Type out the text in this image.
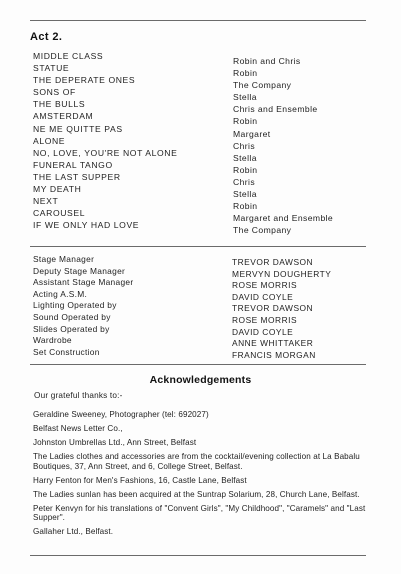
Act 2.
MIDDLE CLASS
STATUE
THE DEPERATE ONES
SONS OF
THE BULLS
AMSTERDAM
NE ME QUITTE PAS
ALONE
NO, LOVE, YOU'RE NOT ALONE
FUNERAL TANGO
THE LAST SUPPER
MY DEATH
NEXT
CAROUSEL
IF WE ONLY HAD LOVE
Robin and Chris
Robin
The Company
Stella
Chris and Ensemble
Robin
Margaret
Chris
Stella
Robin
Chris
Stella
Robin
Margaret and Ensemble
The Company
Stage Manager
Deputy Stage Manager
Assistant Stage Manager
Acting A.S.M.
Lighting Operated by
Sound Operated by
Slides Operated by
Wardrobe
Set Construction
TREVOR DAWSON
MERVYN DOUGHERTY
ROSE MORRIS
DAVID COYLE
TREVOR DAWSON
ROSE MORRIS
DAVID COYLE
ANNE WHITTAKER
FRANCIS MORGAN
Acknowledgements
Our grateful thanks to:-
Geraldine Sweeney, Photographer (tel: 692027)
Belfast News Letter Co.,
Johnston Umbrellas Ltd., Ann Street, Belfast
The Ladies clothes and accessories are from the cocktail/evening collection at La Babalu Boutiques, 37, Ann Street, and 6, College Street, Belfast.
Harry Fenton for Men's Fashions, 16, Castle Lane, Belfast
The Ladies sunlan has been acquired at the Suntrap Solarium, 28, Church Lane, Belfast.
Peter Kenvyn for his translations of "Convent Girls", "My Childhood", "Caramels" and "Last Supper".
Gallaher Ltd., Belfast.
